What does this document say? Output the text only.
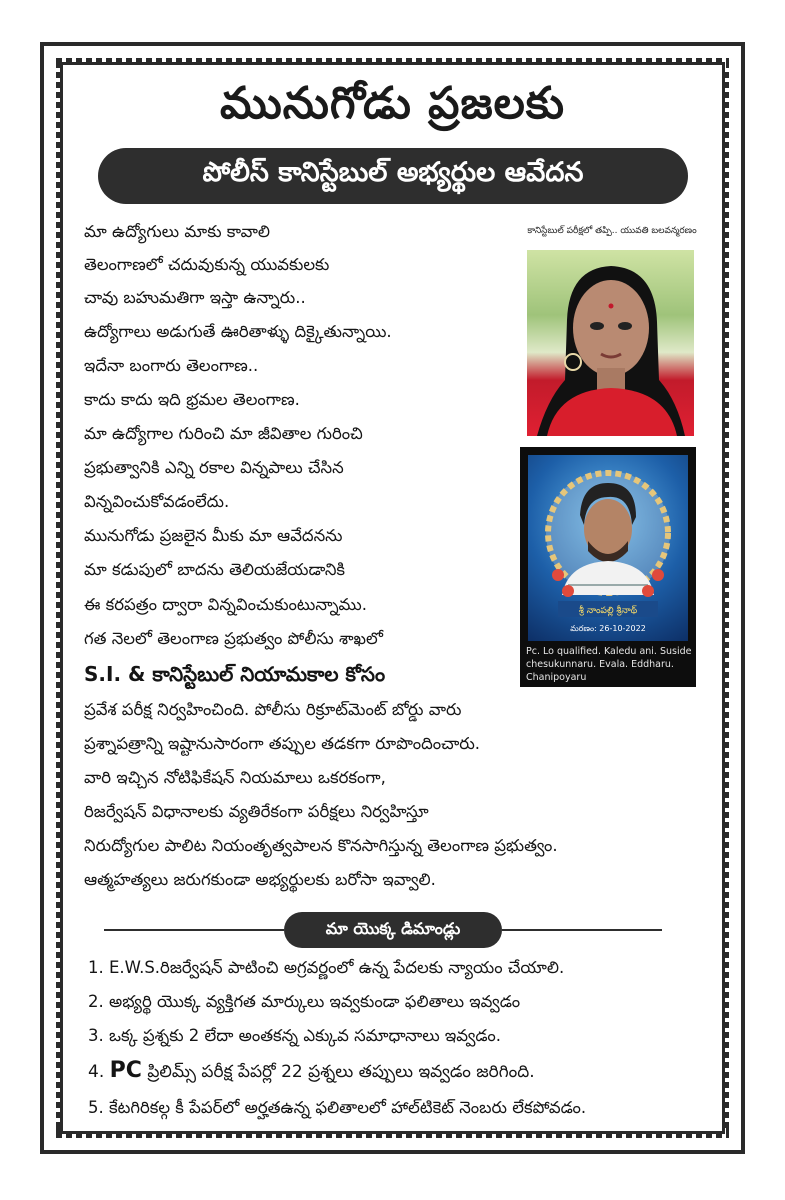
మునుగోడు ప్రజలకు
పోలీస్ కానిస్టేబుల్ అభ్యర్థుల ఆవేదన
మా ఉద్యోగులు మాకు కావాలి
తెలంగాణలో చదువుకున్న యువకులకు
చావు బహుమతిగా ఇస్తా ఉన్నారు..
ఉద్యోగాలు అడుగుతే ఊరితాళ్ళు దిక్కైతున్నాయి.
ఇదేనా బంగారు తెలంగాణ..
కాదు కాదు ఇది భ్రమల తెలంగాణ.
మా ఉద్యోగాల గురించి మా జీవితాల గురించి
ప్రభుత్వానికి ఎన్ని రకాల విన్నపాలు చేసిన
విన్నవించుకోవడంలేదు.
మునుగోడు ప్రజలైన మీకు మా ఆవేదనను
మా కడుపులో బాదను తెలియజేయడానికి
ఈ కరపత్రం ద్వారా విన్నవించుకుంటున్నాము.
గత నెలలో తెలంగాణ ప్రభుత్వం పోలీసు శాఖలో
S.I. & కానిస్టేబుల్ నియామకాల కోసం
ప్రవేశ పరీక్ష నిర్వహించింది. పోలీసు రిక్రూట్‌మెంట్ బోర్డు వారు
ప్రశ్నాపత్రాన్ని ఇష్టానుసారంగా తప్పుల తడకగా రూపొందించారు.
వారి ఇచ్చిన నోటిఫికేషన్ నియమాలు ఒకరకంగా,
రిజర్వేషన్ విధానాలకు వ్యతిరేకంగా పరీక్షలు నిర్వహిస్తూ
నిరుద్యోగుల పాలిట నియంతృత్వపాలన కొనసాగిస్తున్న తెలంగాణ ప్రభుత్వం.
ఆత్మహత్యలు జరుగకుండా అభ్యర్థులకు బరోసా ఇవ్వాలి.
కానిస్టేబుల్ పరీక్షలో తప్పి.. యువతి బలవన్మరణం
శ్రీ నాంపల్లి శ్రీనాథ్
మరణం: 26-10-2022
Pc. Lo qualified. Kaledu ani. Suside chesukunnaru. Evala. Eddharu. Chanipoyaru
మా యొక్క డిమాండ్లు
1. E.W.S.రిజర్వేషన్ పాటించి అగ్రవర్ణంలో ఉన్న పేదలకు న్యాయం చేయాలి.
2. అభ్యర్థి యొక్క వ్యక్తిగత మార్కులు ఇవ్వకుండా ఫలితాలు ఇవ్వడం
3. ఒక్క ప్రశ్నకు 2 లేదా అంతకన్న ఎక్కువ సమాధానాలు ఇవ్వడం.
4. PC ప్రిలిమ్స్ పరీక్ష పేపర్లో 22 ప్రశ్నలు తప్పులు ఇవ్వడం జరిగింది.
5. కేటగిరికల్గ కీ పేపర్‌లో అర్హతఉన్న ఫలితాలలో హాల్‌టికెట్ నెంబరు లేకపోవడం.
